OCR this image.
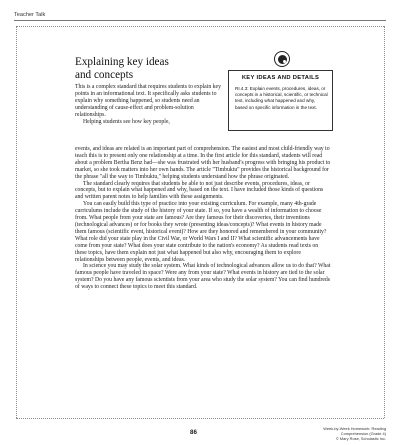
Teacher Talk
Explaining key ideas
and concepts	KEY IDEAS AND DETAILS
RI.4.3: Explain events, procedures, ideas, or concepts in a historical, scientific, or technical text, including what happened and why, based on specific information in the text.

This is a complex standard that requires students to explain key points in an informational text. It specifically asks students to explain why something happened, so students need an understanding of cause-effect and problem-solution relationships.

Helping students see how key people,

events, and ideas are related is an important part of comprehension. The easiest and most child-friendly way to teach this is to present only one relationship at a time. In the first article for this standard, students will read about a problem Bertha Benz had—she was frustrated with her husband's progress with bringing his product to market, so she took matters into her own hands. The article "Timbuktu" provides the historical background for the phrase "all the way to Timbuktu," helping students understand how the phrase originated.

The standard clearly requires that students be able to not just describe events, procedures, ideas, or concepts, but to explain what happened and why, based on the text. I have included those kinds of questions and written parent notes to help families with these assignments.

You can easily build this type of practice into your existing curriculum. For example, many 4th-grade curriculums include the study of the history of your state. If so, you have a wealth of information to choose from. What people from your state are famous? Are they famous for their discoveries, their inventions (technological advances) or for books they wrote (presenting ideas/concepts)? What events in history made them famous (scientific event, historical event)? How are they honored and remembered in your community? What role did your state play in the Civil War, or World Wars I and II? What scientific advancements have come from your state? What does your state contribute to the nation's economy? As students read texts on these topics, have them explain not just what happened but also why, encouraging them to explore relationships between people, events, and ideas.

In science you may study the solar system. What kinds of technological advances allow us to do that? What famous people have traveled in space? Were any from your state? What events in history are tied to the solar system? Do you have any famous scientists from your area who study the solar system? You can find hundreds of ways to connect these topics to meet this standard.

86
Week-by-Week Homework: Reading Comprehension (Grade 4)
© Mary Rose, Scholastic Inc.
